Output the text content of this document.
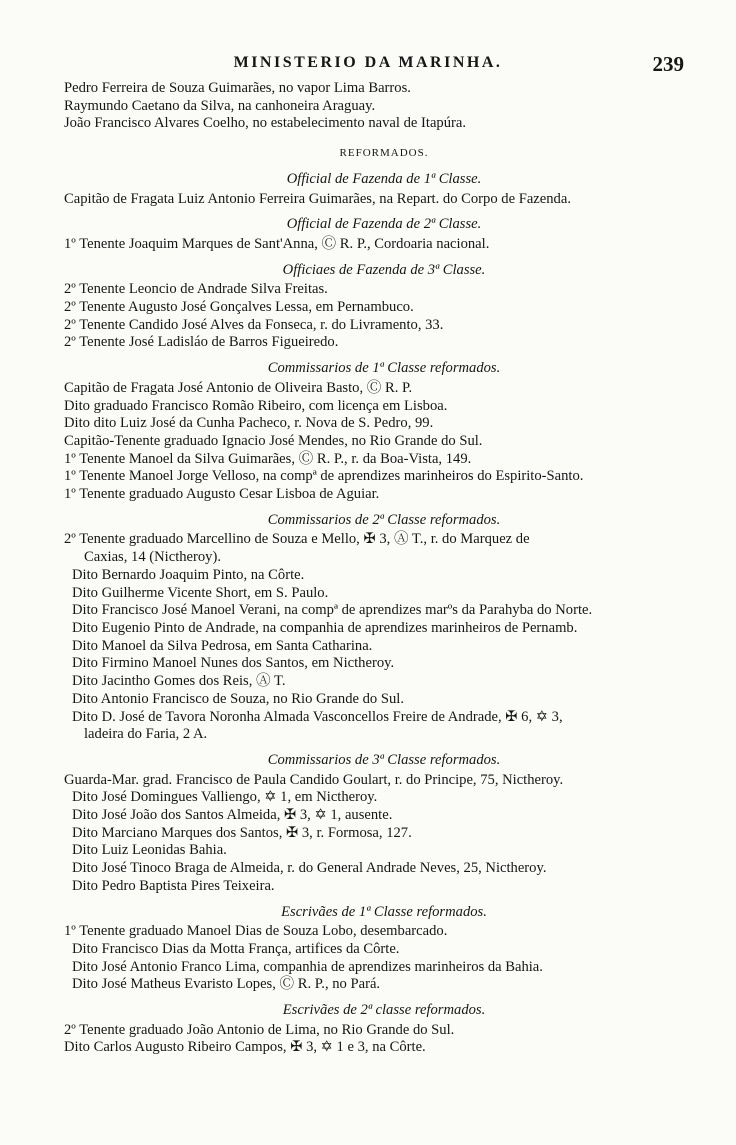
MINISTERIO DA MARINHA.	239
Pedro Ferreira de Souza Guimarães, no vapor Lima Barros.
Raymundo Caetano da Silva, na canhoneira Araguay.
João Francisco Alvares Coelho, no estabelecimento naval de Itapúra.
REFORMADOS.
Official de Fazenda de 1ª Classe.
Capitão de Fragata Luiz Antonio Ferreira Guimarães, na Repart. do Corpo de Fazenda.
Official de Fazenda de 2ª Classe.
1º Tenente Joaquim Marques de Sant'Anna, Ⓒ R. P., Cordoaria nacional.
Officiaes de Fazenda de 3ª Classe.
2º Tenente Leoncio de Andrade Silva Freitas.
2º Tenente Augusto José Gonçalves Lessa, em Pernambuco.
2º Tenente Candido José Alves da Fonseca, r. do Livramento, 33.
2º Tenente José Ladisláo de Barros Figueiredo.
Commissarios de 1ª Classe reformados.
Capitão de Fragata José Antonio de Oliveira Basto, Ⓒ R. P.
Dito graduado Francisco Romão Ribeiro, com licença em Lisboa.
Dito dito Luiz José da Cunha Pacheco, r. Nova de S. Pedro, 99.
Capitão-Tenente graduado Ignacio José Mendes, no Rio Grande do Sul.
1º Tenente Manoel da Silva Guimarães, Ⓒ R. P., r. da Boa-Vista, 149.
1º Tenente Manoel Jorge Velloso, na compª de aprendizes marinheiros do Espirito-Santo.
1º Tenente graduado Augusto Cesar Lisboa de Aguiar.
Commissarios de 2ª Classe reformados.
2º Tenente graduado Marcellino de Souza e Mello, ✠ 3, Ⓐ T., r. do Marquez de
Caxias, 14 (Nictheroy).
Dito Bernardo Joaquim Pinto, na Côrte.
Dito Guilherme Vicente Short, em S. Paulo.
Dito Francisco José Manoel Verani, na compª de aprendizes marºs da Parahyba do Norte.
Dito Eugenio Pinto de Andrade, na companhia de aprendizes marinheiros de Pernamb.
Dito Manoel da Silva Pedrosa, em Santa Catharina.
Dito Firmino Manoel Nunes dos Santos, em Nictheroy.
Dito Jacintho Gomes dos Reis, Ⓐ T.
Dito Antonio Francisco de Souza, no Rio Grande do Sul.
Dito D. José de Tavora Noronha Almada Vasconcellos Freire de Andrade, ✠ 6, ✡ 3,
ladeira do Faria, 2 A.
Commissarios de 3ª Classe reformados.
Guarda-Mar. grad. Francisco de Paula Candido Goulart, r. do Principe, 75, Nictheroy.
Dito José Domingues Valliengo, ✡ 1, em Nictheroy.
Dito José João dos Santos Almeida, ✠ 3, ✡ 1, ausente.
Dito Marciano Marques dos Santos, ✠ 3, r. Formosa, 127.
Dito Luiz Leonidas Bahia.
Dito José Tinoco Braga de Almeida, r. do General Andrade Neves, 25, Nictheroy.
Dito Pedro Baptista Pires Teixeira.
Escrivães de 1ª Classe reformados.
1º Tenente graduado Manoel Dias de Souza Lobo, desembarcado.
Dito Francisco Dias da Motta França, artifices da Côrte.
Dito José Antonio Franco Lima, companhia de aprendizes marinheiros da Bahia.
Dito José Matheus Evaristo Lopes, Ⓒ R. P., no Pará.
Escrivães de 2ª classe reformados.
2º Tenente graduado João Antonio de Lima, no Rio Grande do Sul.
Dito Carlos Augusto Ribeiro Campos, ✠ 3, ✡ 1 e 3, na Côrte.
